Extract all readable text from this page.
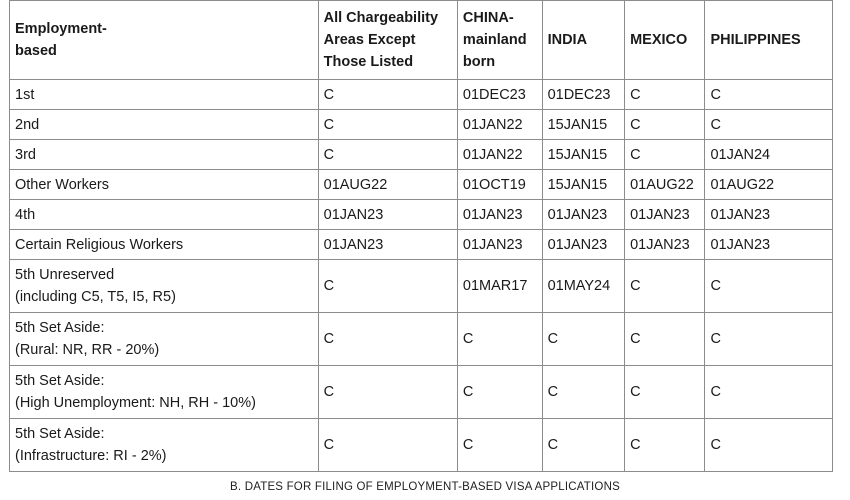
Employment-
based	All Chargeability
Areas Except
Those Listed	CHINA-
mainland
born	INDIA	MEXICO	PHILIPPINES
1st	C	01DEC23	01DEC23	C	C
2nd	C	01JAN22	15JAN15	C	C
3rd	C	01JAN22	15JAN15	C	01JAN24
Other Workers	01AUG22	01OCT19	15JAN15	01AUG22	01AUG22
4th	01JAN23	01JAN23	01JAN23	01JAN23	01JAN23
Certain Religious Workers	01JAN23	01JAN23	01JAN23	01JAN23	01JAN23
5th Unreserved
(including C5, T5, I5, R5)	C	01MAR17	01MAY24	C	C
5th Set Aside:
(Rural: NR, RR - 20%)	C	C	C	C	C
5th Set Aside:
(High Unemployment: NH, RH - 10%)	C	C	C	C	C
5th Set Aside:
(Infrastructure: RI - 2%)	C	C	C	C	C
B. DATES FOR FILING OF EMPLOYMENT-BASED VISA APPLICATIONS
